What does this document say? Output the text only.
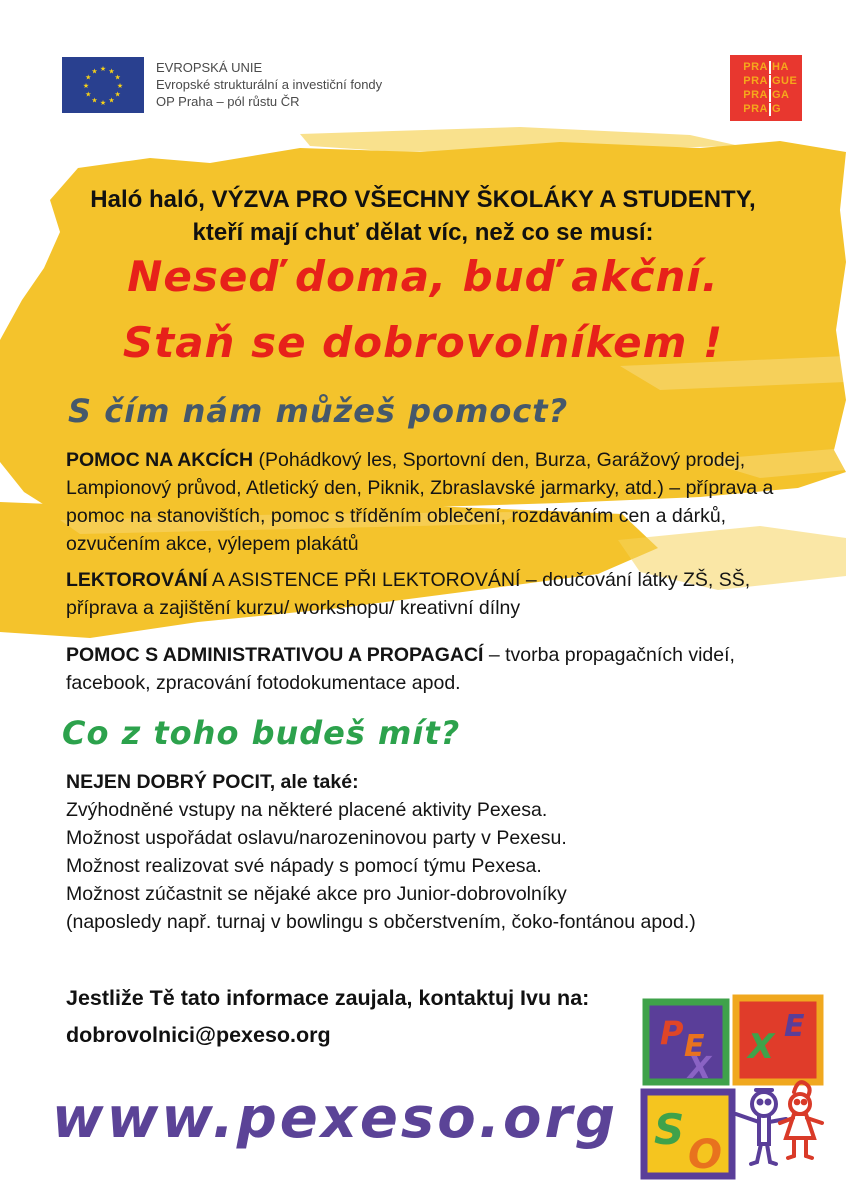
★ ★
★
★
★
★
★
★
★
★
★
★	EVROPSKÁ UNIE
Evropské strukturální a investiční fondy
OP Praha – pól růstu ČR
PRA HA
PRA GUE
PRA GA
PRA G
Haló haló, VÝZVA PRO VŠECHNY ŠKOLÁKY A STUDENTY,
kteří mají chuť dělat víc, než co se musí:
Neseď doma, buď akční.
Staň se dobrovolníkem !
S čím nám můžeš pomoct?
POMOC NA AKCÍCH (Pohádkový les, Sportovní den, Burza, Garážový prodej, Lampionový průvod, Atletický den, Piknik, Zbraslavské jarmarky, atd.) – příprava a pomoc na stanovištích, pomoc s tříděním oblečení, rozdáváním cen a dárků, ozvučením akce, výlepem plakátů
LEKTOROVÁNÍ A ASISTENCE PŘI LEKTOROVÁNÍ – doučování látky ZŠ, SŠ, příprava a zajištění kurzu/ workshopu/ kreativní dílny
POMOC S ADMINISTRATIVOU A PROPAGACÍ – tvorba propagačních videí, facebook, zpracování fotodokumentace apod.
Co z toho budeš mít?
NEJEN DOBRÝ POCIT, ale také:
Zvýhodněné vstupy na některé placené aktivity Pexesa.
Možnost uspořádat oslavu/narozeninovou party v Pexesu.
Možnost realizovat své nápady s pomocí týmu Pexesa.
Možnost zúčastnit se nějaké akce pro Junior-dobrovolníky
(naposledy např. turnaj v bowlingu s občerstvením, čoko-fontánou apod.)
Jestliže Tě tato informace zaujala, kontaktuj Ivu na:
dobrovolnici@pexeso.org	P E
X
X
E
S
O
www.pexeso.org
